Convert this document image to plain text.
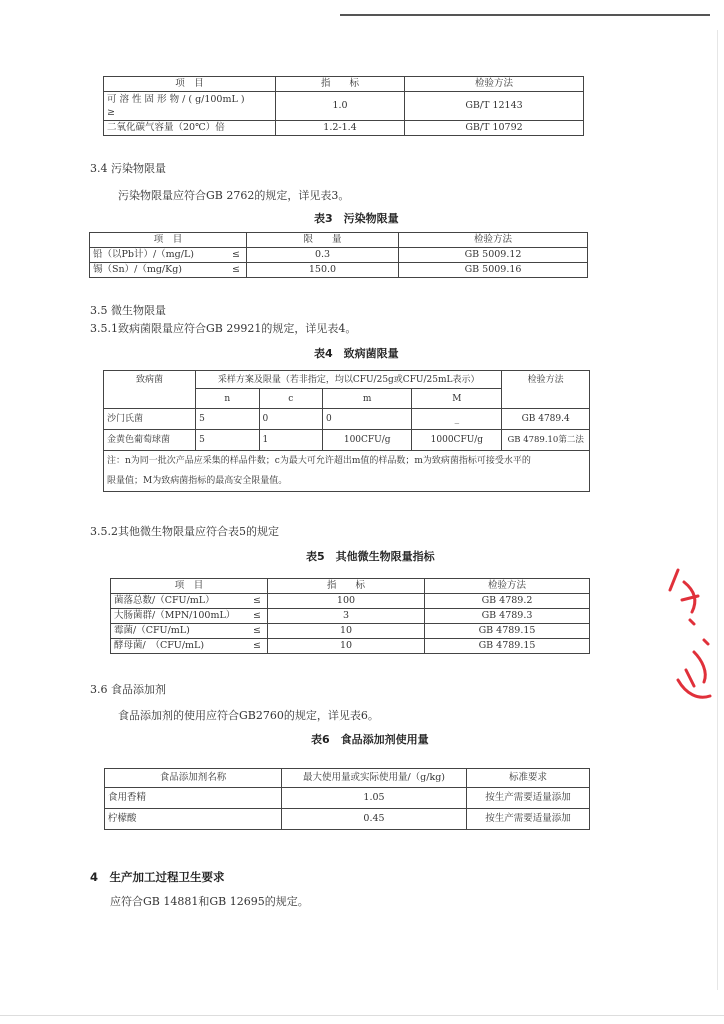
项　目	指　　标	检验方法
可 溶 性 固 形 物 / ( g/100mL )
≥	1.0	GB/T 12143
二氧化碳气容量（20℃）倍	1.2-1.4	GB/T 10792
3.4 污染物限量
污染物限量应符合GB 2762的规定，详见表3。
表3　污染物限量
项　目	限　　量	检验方法
铅（以Pb计）/（mg/L) ≤	0.3	GB 5009.12
锡（Sn）/（mg/Kg) ≤	150.0	GB 5009.16
3.5 微生物限量
3.5.1致病菌限量应符合GB 29921的规定，详见表4。
表4　致病菌限量
致病菌	采样方案及限量（若非指定，均以CFU/25g或CFU/25mL表示）				检验方法
	n	c	m	M	
沙门氏菌	5	0	0	_	GB 4789.4
金黄色葡萄球菌	5	1	100CFU/g	1000CFU/g	GB 4789.10第二法
注：n为同一批次产品应采集的样品件数；c为最大可允许超出m值的样品数；m为致病菌指标可接受水平的
限量值；M为致病菌指标的最高安全限量值。					
3.5.2其他微生物限量应符合表5的规定
表5　其他微生物限量指标
项　目	指　　标	检验方法
菌落总数/（CFU/mL） ≤	100	GB 4789.2
大肠菌群/（MPN/100mL） ≤	3	GB 4789.3
霉菌/（CFU/mL) ≤	10	GB 4789.15
酵母菌/　（CFU/mL) ≤	10	GB 4789.15
3.6 食品添加剂
食品添加剂的使用应符合GB2760的规定，详见表6。
表6　食品添加剂使用量
食品添加剂名称	最大使用量或实际使用量/（g/kg)	标准要求
食用香精	1.05	按生产需要适量添加
柠檬酸	0.45	按生产需要适量添加
4　生产加工过程卫生要求
应符合GB 14881和GB 12695的规定。
